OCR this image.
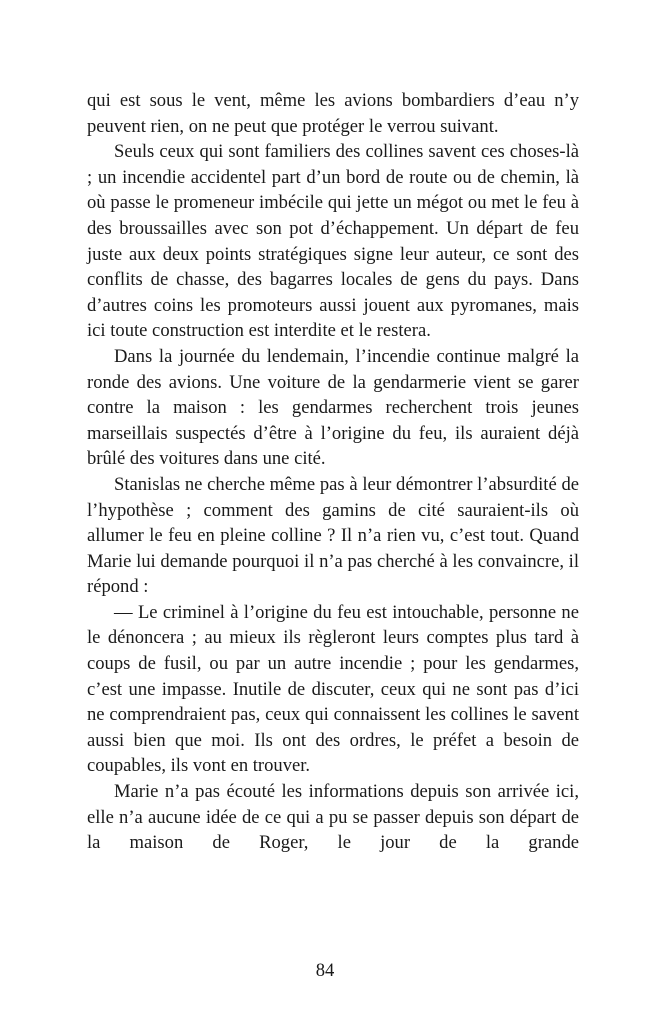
qui est sous le vent, même les avions bombardiers d’eau n’y peuvent rien, on ne peut que protéger le verrou suivant.

Seuls ceux qui sont familiers des collines savent ces choses-là ; un incendie accidentel part d’un bord de route ou de chemin, là où passe le promeneur imbécile qui jette un mégot ou met le feu à des broussailles avec son pot d’échappement. Un départ de feu juste aux deux points stratégiques signe leur auteur, ce sont des conflits de chasse, des bagarres locales de gens du pays. Dans d’autres coins les promoteurs aussi jouent aux pyromanes, mais ici toute construction est interdite et le restera.

Dans la journée du lendemain, l’incendie continue malgré la ronde des avions. Une voiture de la gendarmerie vient se garer contre la maison : les gendarmes recherchent trois jeunes marseillais suspectés d’être à l’origine du feu, ils auraient déjà brûlé des voitures dans une cité.

Stanislas ne cherche même pas à leur démontrer l’absurdité de l’hypothèse ; comment des gamins de cité sauraient-ils où allumer le feu en pleine colline ? Il n’a rien vu, c’est tout. Quand Marie lui demande pourquoi il n’a pas cherché à les convaincre, il répond :

— Le criminel à l’origine du feu est intouchable, personne ne le dénoncera ; au mieux ils règleront leurs comptes plus tard à coups de fusil, ou par un autre incendie ; pour les gendarmes, c’est une impasse. Inutile de discuter, ceux qui ne sont pas d’ici ne comprendraient pas, ceux qui connaissent les collines le savent aussi bien que moi. Ils ont des ordres, le préfet a besoin de coupables, ils vont en trouver.

Marie n’a pas écouté les informations depuis son arrivée ici, elle n’a aucune idée de ce qui a pu se passer depuis son départ de la maison de Roger, le jour de la grande

84
